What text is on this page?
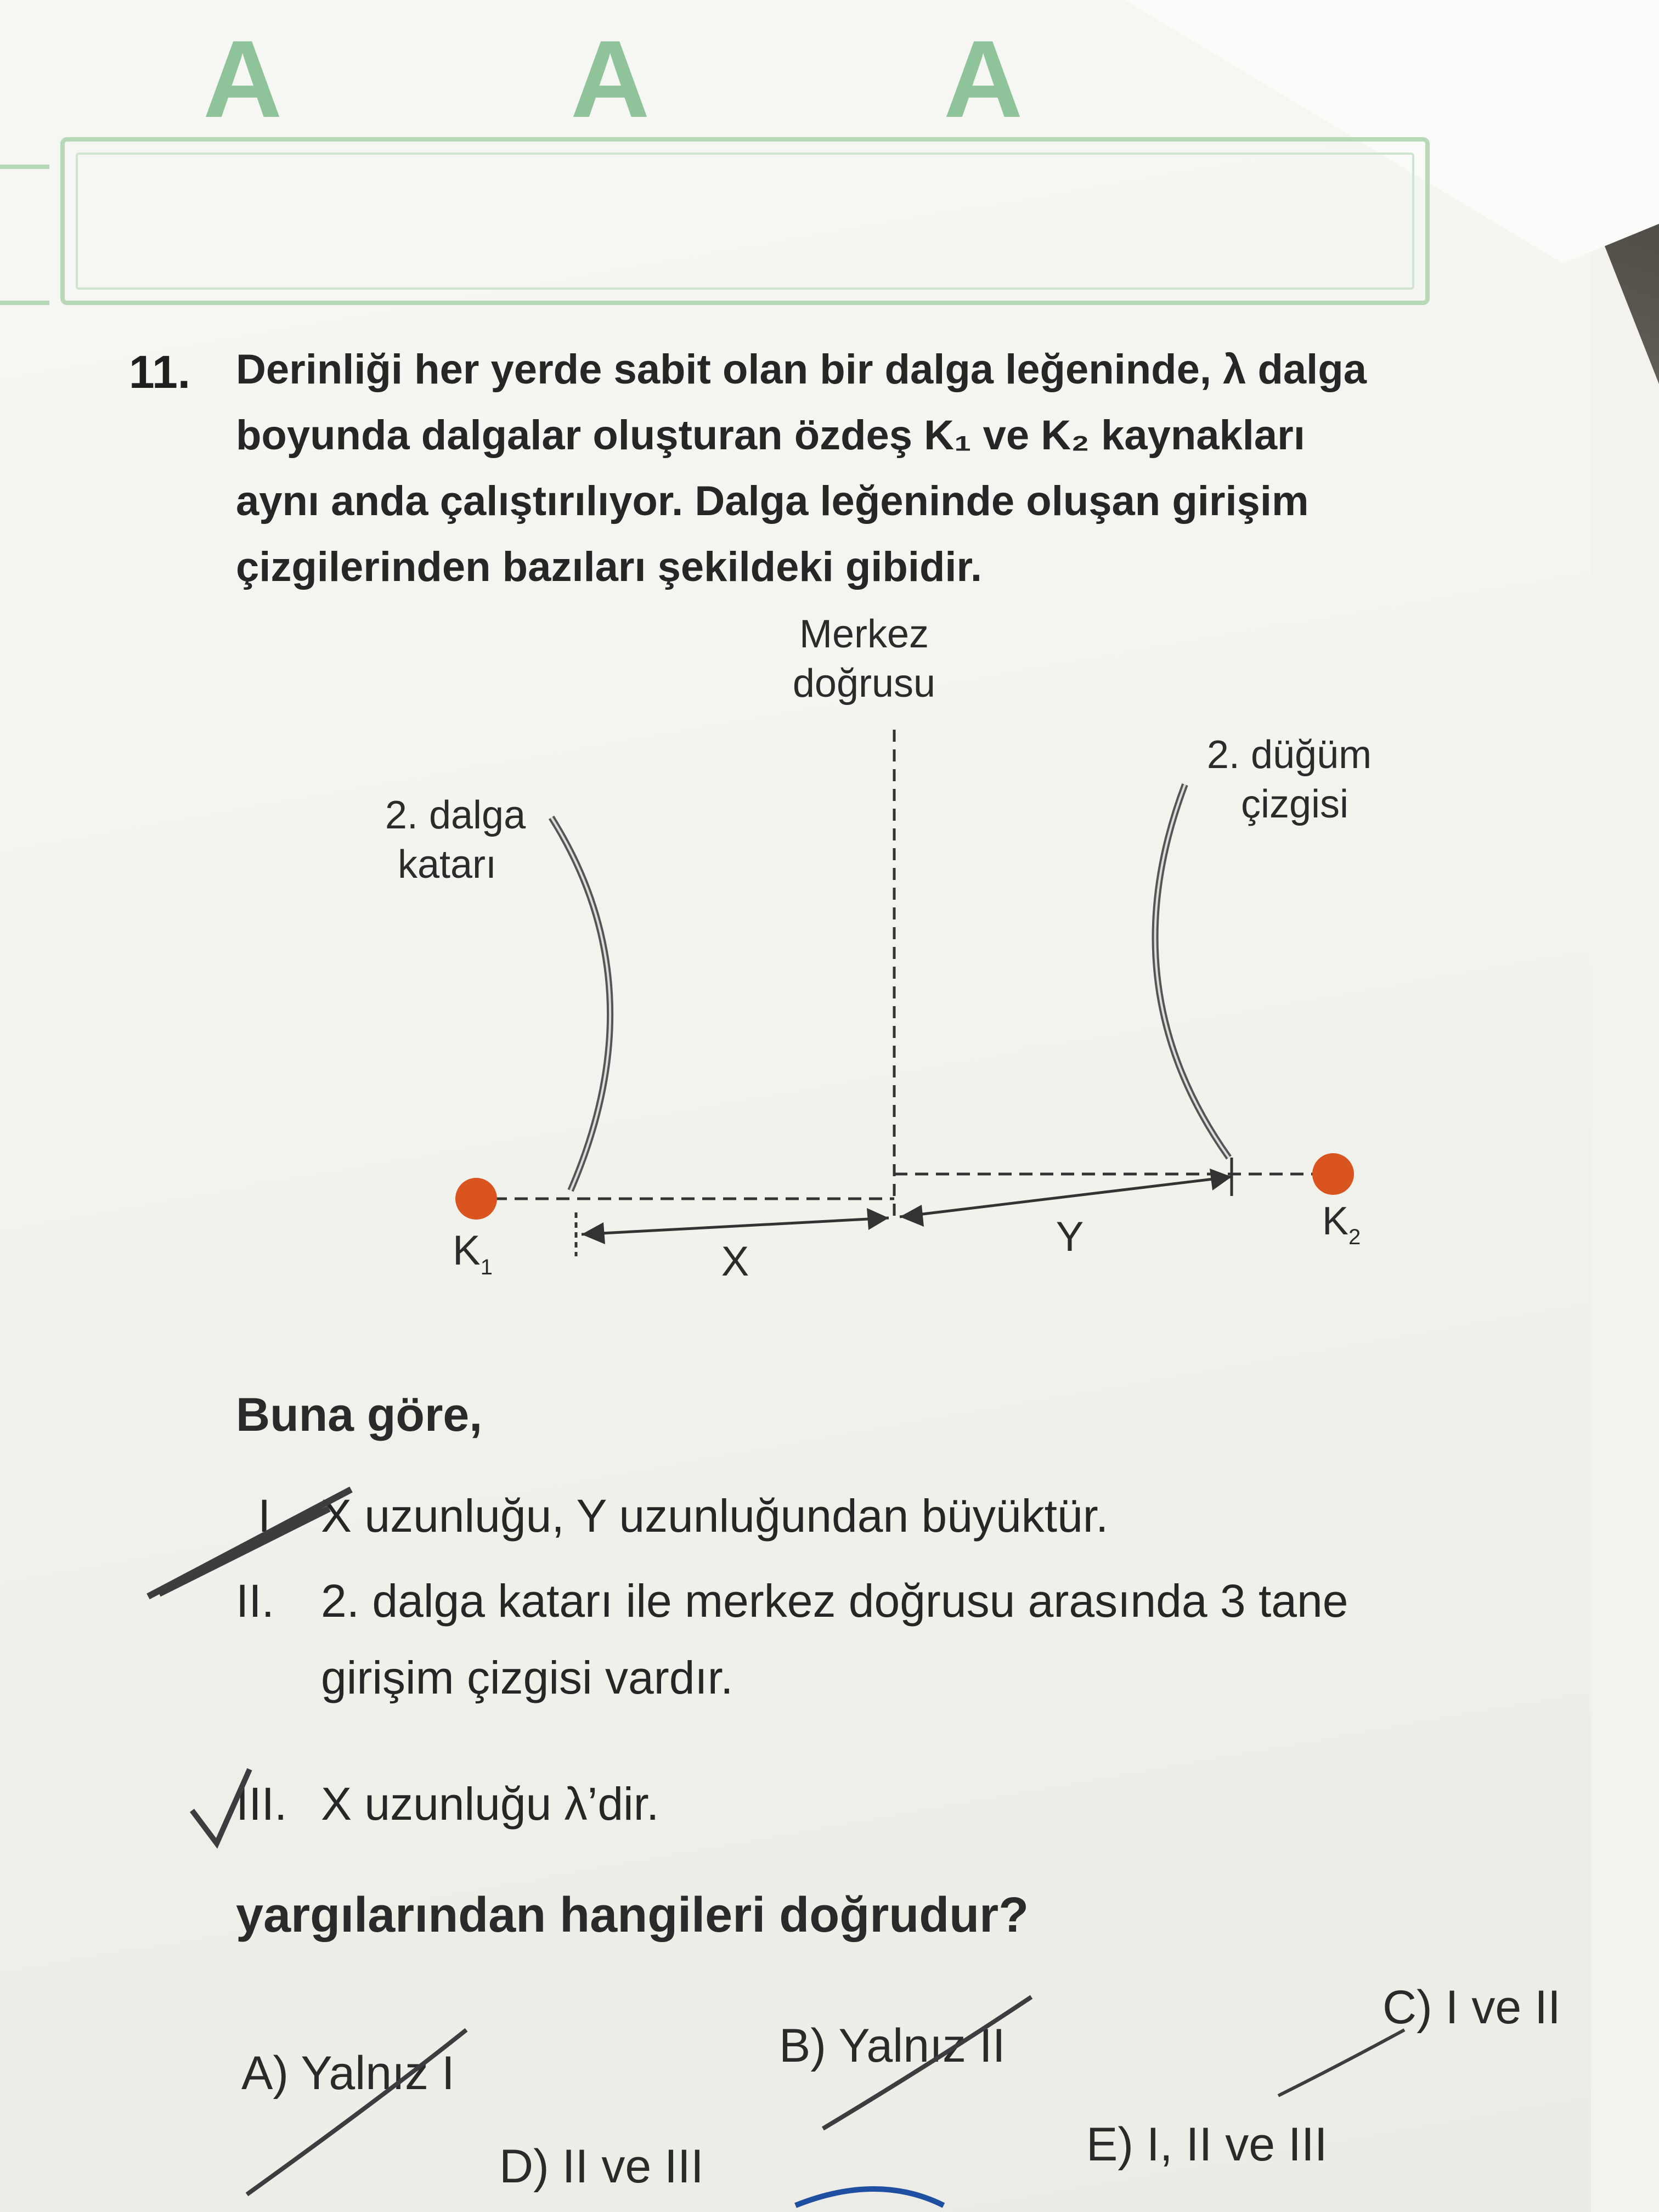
A	A	A
11. Derinliği her yerde sabit olan bir dalga leğeninde, λ dalga
boyunda dalgalar oluşturan özdeş K₁ ve K₂ kaynakları
aynı anda çalıştırılıyor. Dalga leğeninde oluşan girişim
çizgilerinden bazıları şekildeki gibidir.
Merkez
doğrusu
2. dalga
katarı
2. düğüm
çizgisi
$K_1$
$K_2$
X
Y
Buna göre,
I. X uzunluğu, Y uzunluğundan büyüktür.
II. 2. dalga katarı ile merkez doğrusu arasında 3 tane
girişim çizgisi vardır.
III. X uzunluğu λ’dir.
yargılarından hangileri doğrudur?
A) Yalnız I
B) Yalnız II
C) I ve II
D) II ve III	E) I, II ve III
